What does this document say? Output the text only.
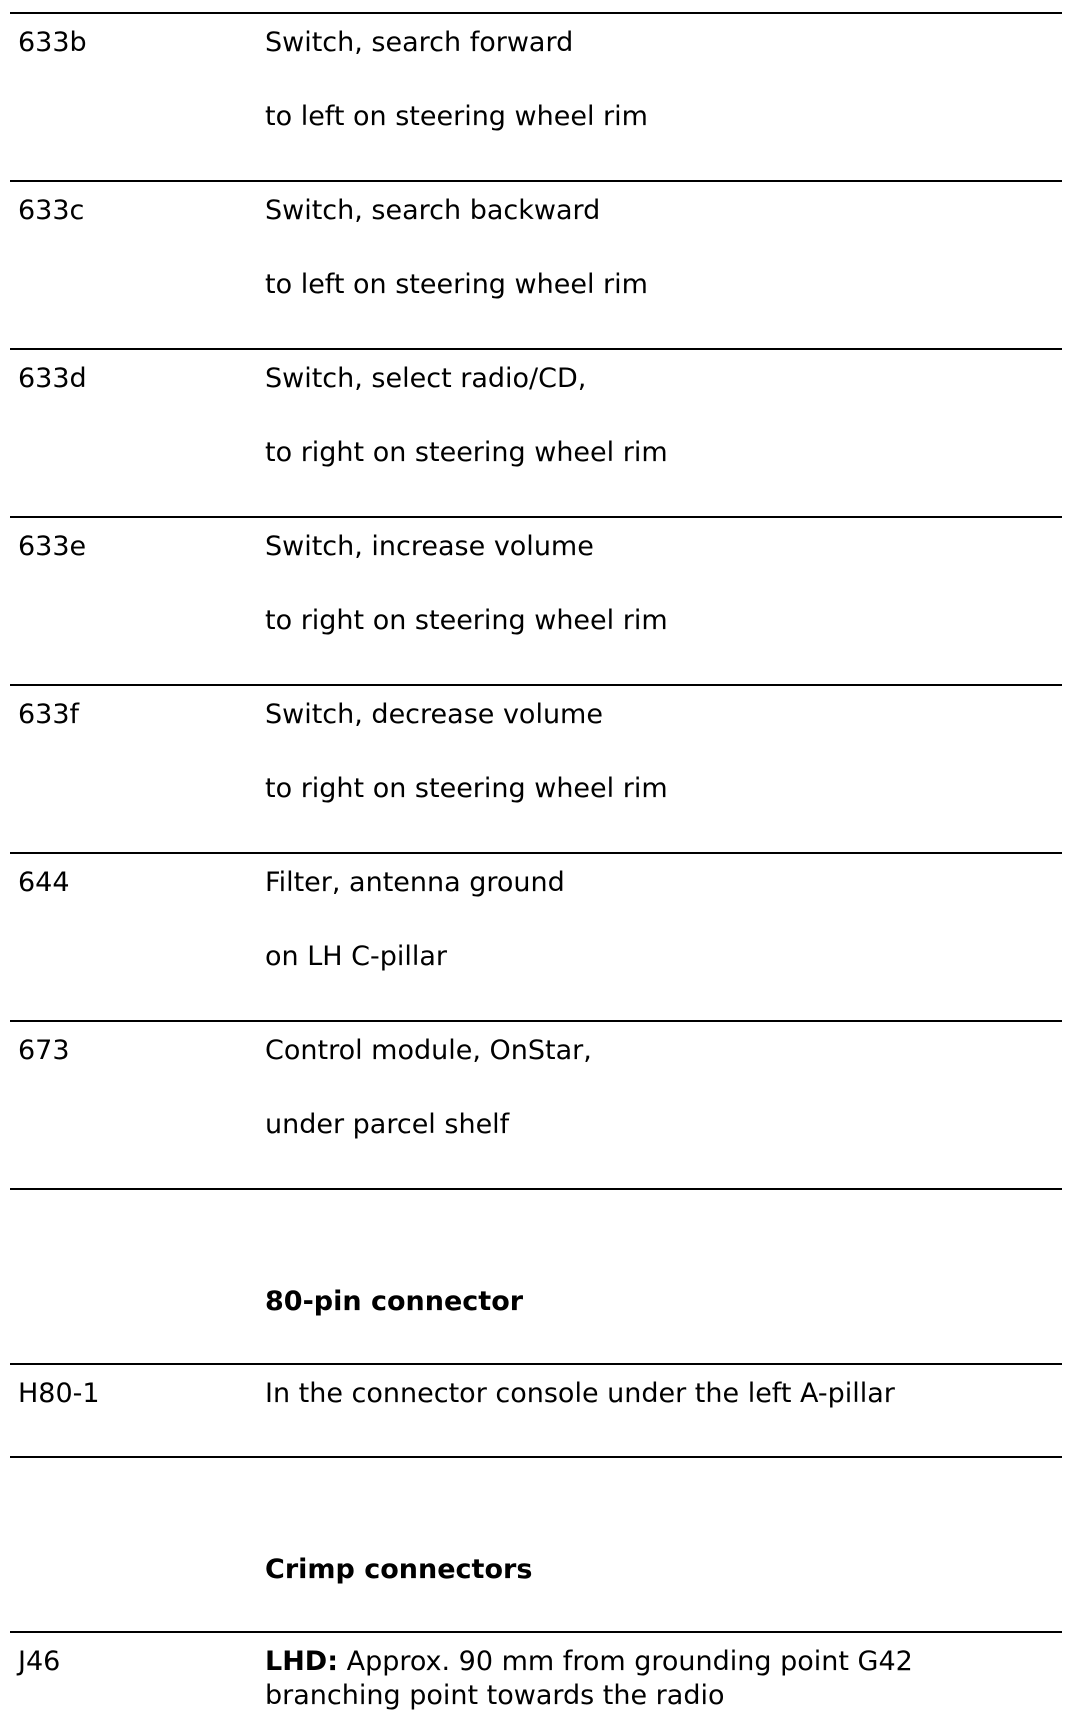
633b	Switch, search forward
to left on steering wheel rim
633c	Switch, search backward
to left on steering wheel rim
633d	Switch, select radio/CD,
to right on steering wheel rim
633e	Switch, increase volume
to right on steering wheel rim
633f	Switch, decrease volume
to right on steering wheel rim
644	Filter, antenna ground
on LH C-pillar
673	Control module, OnStar,
under parcel shelf
80-pin connector
H80-1	In the connector console under the left A-pillar
Crimp connectors
J46	LHD: Approx. 90 mm from grounding point G42
branching point towards the radio
